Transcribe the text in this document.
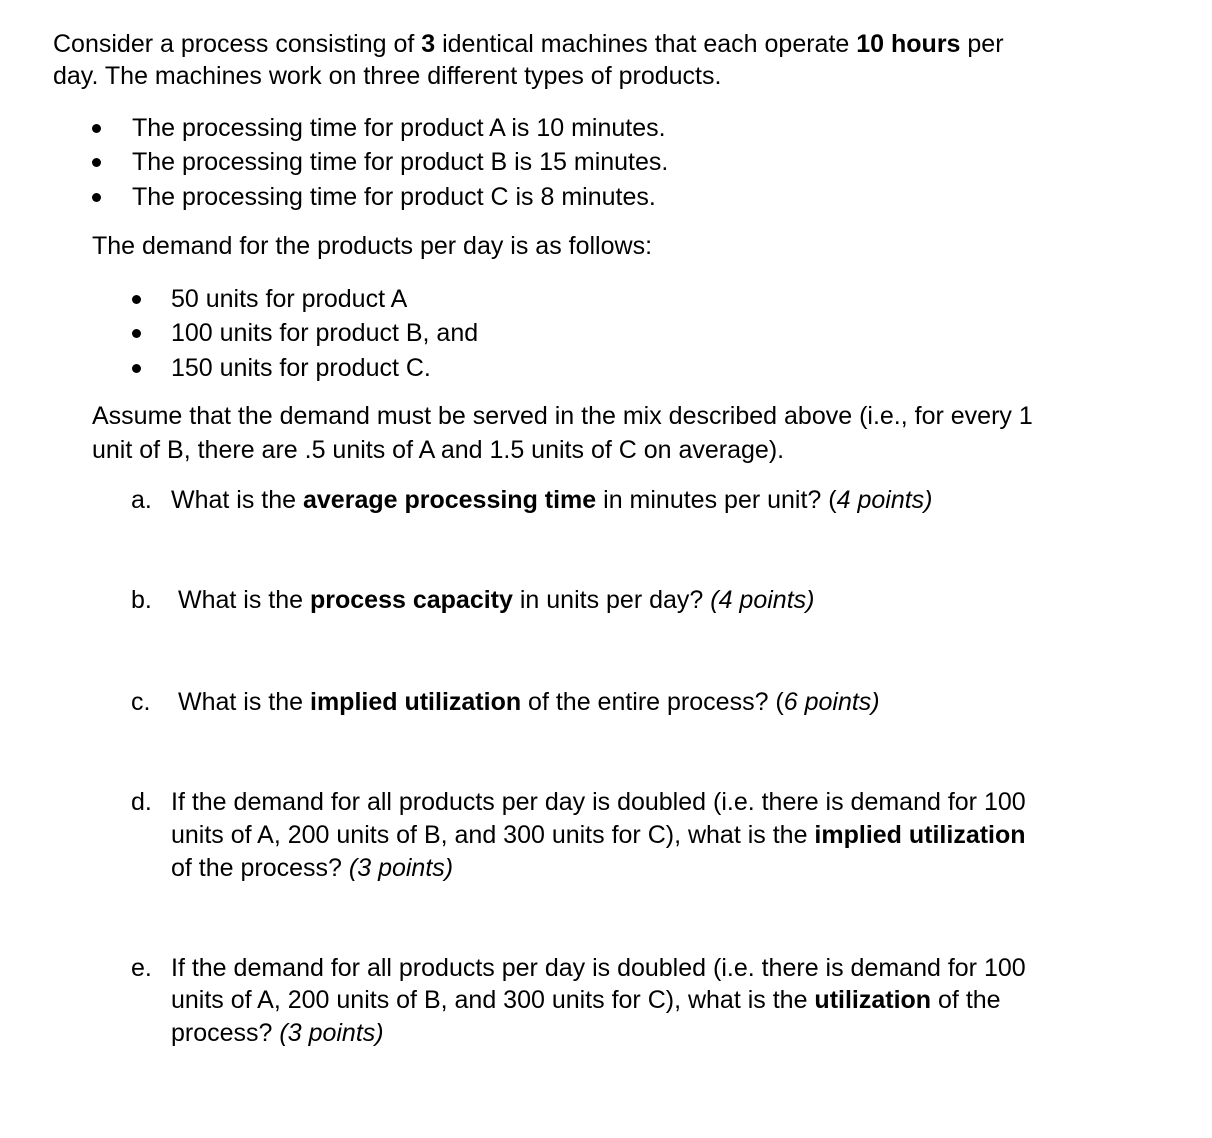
Consider a process consisting of 3 identical machines that each operate 10 hours per
day. The machines work on three different types of products.
The processing time for product A is 10 minutes.
The processing time for product B is 15 minutes.
The processing time for product C is 8 minutes.
The demand for the products per day is as follows:
50 units for product A
100 units for product B, and
150 units for product C.
Assume that the demand must be served in the mix described above (i.e., for every 1
unit of B, there are .5 units of A and 1.5 units of C on average).
a. What is the average processing time in minutes per unit? (4 points)
b. What is the process capacity in units per day? (4 points)
c. What is the implied utilization of the entire process? (6 points)
d. If the demand for all products per day is doubled (i.e. there is demand for 100
units of A, 200 units of B, and 300 units for C), what is the implied utilization
of the process? (3 points)
e. If the demand for all products per day is doubled (i.e. there is demand for 100
units of A, 200 units of B, and 300 units for C), what is the utilization of the
process? (3 points)
